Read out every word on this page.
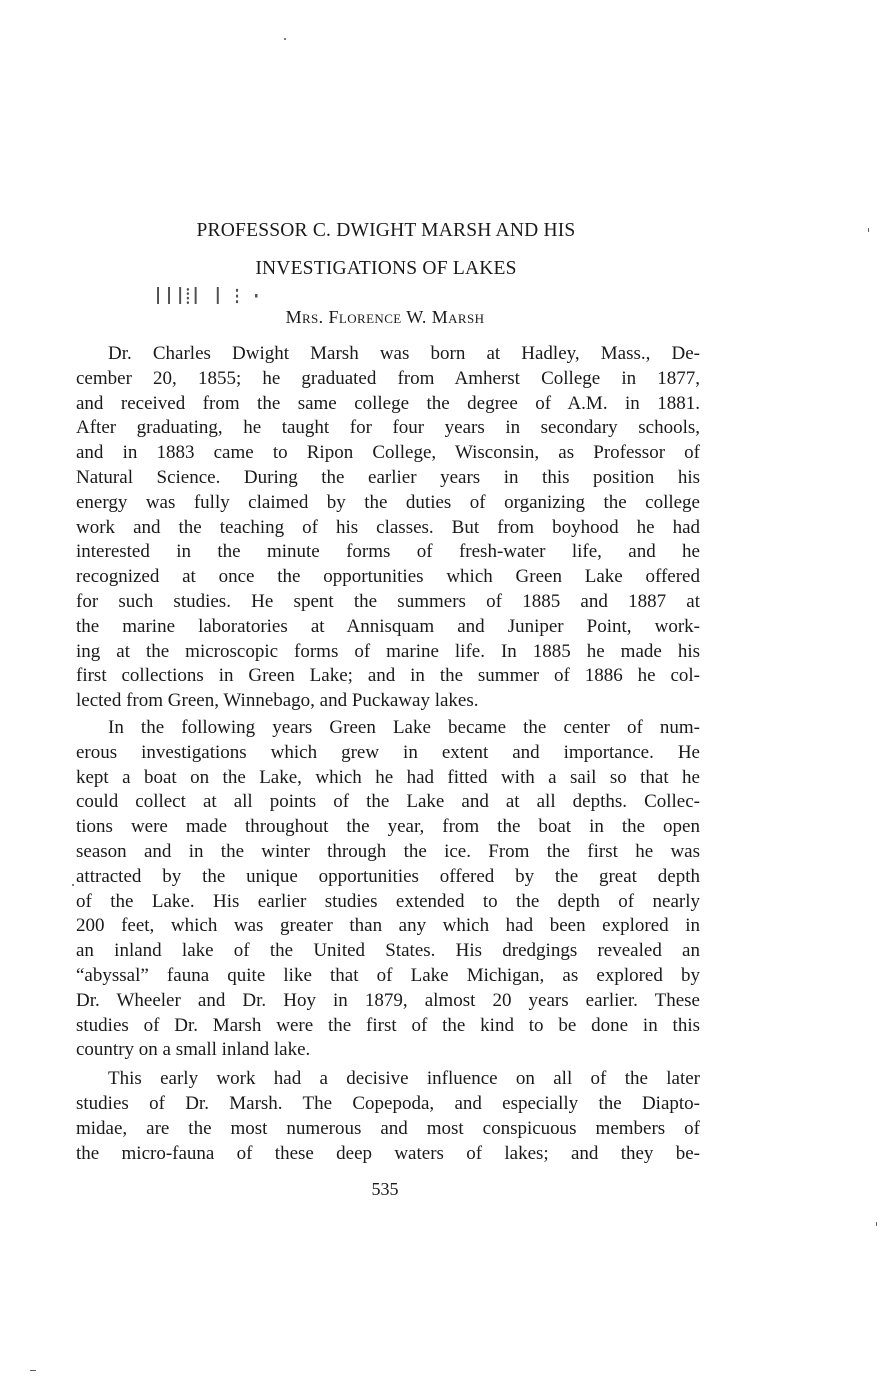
PROFESSOR C. DWIGHT MARSH AND HIS
INVESTIGATIONS OF LAKES
ǀǀǀ⁞ǀ ǀ ⁝ ·
Mrs. Florence W. Marsh
Dr. Charles Dwight Marsh was born at Hadley, Mass., De-
cember 20, 1855; he graduated from Amherst College in 1877,
and received from the same college the degree of A.M. in 1881.
After graduating, he taught for four years in secondary schools,
and in 1883 came to Ripon College, Wisconsin, as Professor of
Natural Science. During the earlier years in this position his
energy was fully claimed by the duties of organizing the college
work and the teaching of his classes. But from boyhood he had
interested in the minute forms of fresh-water life, and he
recognized at once the opportunities which Green Lake offered
for such studies. He spent the summers of 1885 and 1887 at
the marine laboratories at Annisquam and Juniper Point, work-
ing at the microscopic forms of marine life. In 1885 he made his
first collections in Green Lake; and in the summer of 1886 he col-
lected from Green, Winnebago, and Puckaway lakes.
In the following years Green Lake became the center of num-
erous investigations which grew in extent and importance. He
kept a boat on the Lake, which he had fitted with a sail so that he
could collect at all points of the Lake and at all depths. Collec-
tions were made throughout the year, from the boat in the open
season and in the winter through the ice. From the first he was
attracted by the unique opportunities offered by the great depth
of the Lake. His earlier studies extended to the depth of nearly
200 feet, which was greater than any which had been explored in
an inland lake of the United States. His dredgings revealed an
“abyssal” fauna quite like that of Lake Michigan, as explored by
Dr. Wheeler and Dr. Hoy in 1879, almost 20 years earlier. These
studies of Dr. Marsh were the first of the kind to be done in this
country on a small inland lake.
This early work had a decisive influence on all of the later
studies of Dr. Marsh. The Copepoda, and especially the Diapto-
midae, are the most numerous and most conspicuous members of
the micro-fauna of these deep waters of lakes; and they be-
535
